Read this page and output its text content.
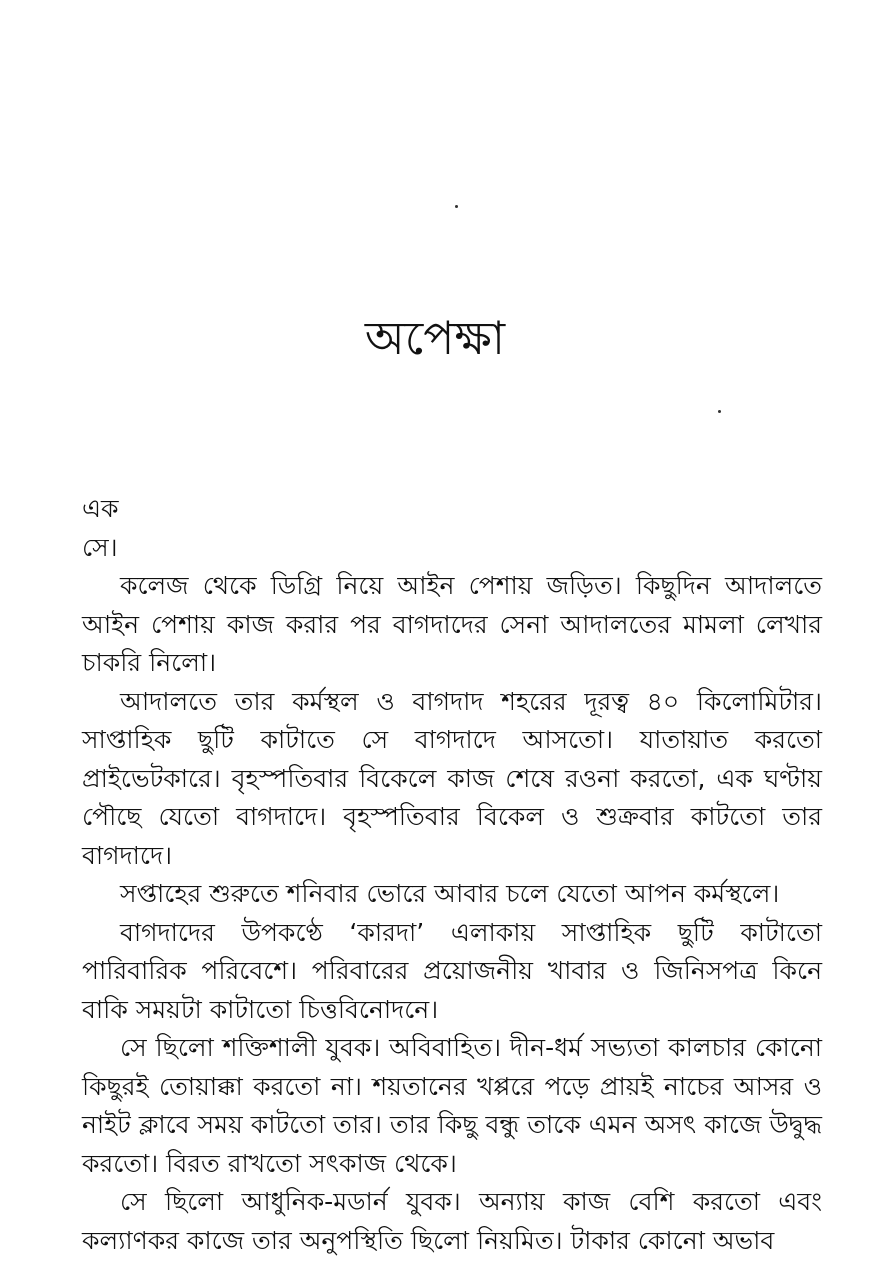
অপেক্ষা
এক

সে।

কলেজ থেকে ডিগ্রি নিয়ে আইন পেশায় জড়িত। কিছুদিন আদালতে আইন পেশায় কাজ করার পর বাগদাদের সেনা আদালতের মামলা লেখার চাকরি নিলো।

আদালতে তার কর্মস্থল ও বাগদাদ শহরের দূরত্ব ৪০ কিলোমিটার। সাপ্তাহিক ছুটি কাটাতে সে বাগদাদে আসতো। যাতায়াত করতো প্রাইভেটকারে। বৃহস্পতিবার বিকেলে কাজ শেষে রওনা করতো, এক ঘণ্টায় পৌছে যেতো বাগদাদে। বৃহস্পতিবার বিকেল ও শুক্রবার কাটতো তার বাগদাদে।

সপ্তাহের শুরুতে শনিবার ভোরে আবার চলে যেতো আপন কর্মস্থলে।

বাগদাদের উপকণ্ঠে ‘কারদা’ এলাকায় সাপ্তাহিক ছুটি কাটাতো পারিবারিক পরিবেশে। পরিবারের প্রয়োজনীয় খাবার ও জিনিসপত্র কিনে বাকি সময়টা কাটাতো চিত্তবিনোদনে।

সে ছিলো শক্তিশালী যুবক। অবিবাহিত। দীন-ধর্ম সভ্যতা কালচার কোনো কিছুরই তোয়াক্কা করতো না। শয়তানের খপ্পরে পড়ে প্রায়ই নাচের আসর ও নাইট ক্লাবে সময় কাটতো তার। তার কিছু বন্ধু তাকে এমন অসৎ কাজে উদ্বুদ্ধ করতো। বিরত রাখতো সৎকাজ থেকে।

সে ছিলো আধুনিক-মডার্ন যুবক। অন্যায় কাজ বেশি করতো এবং কল্যাণকর কাজে তার অনুপস্থিতি ছিলো নিয়মিত। টাকার কোনো অভাব
